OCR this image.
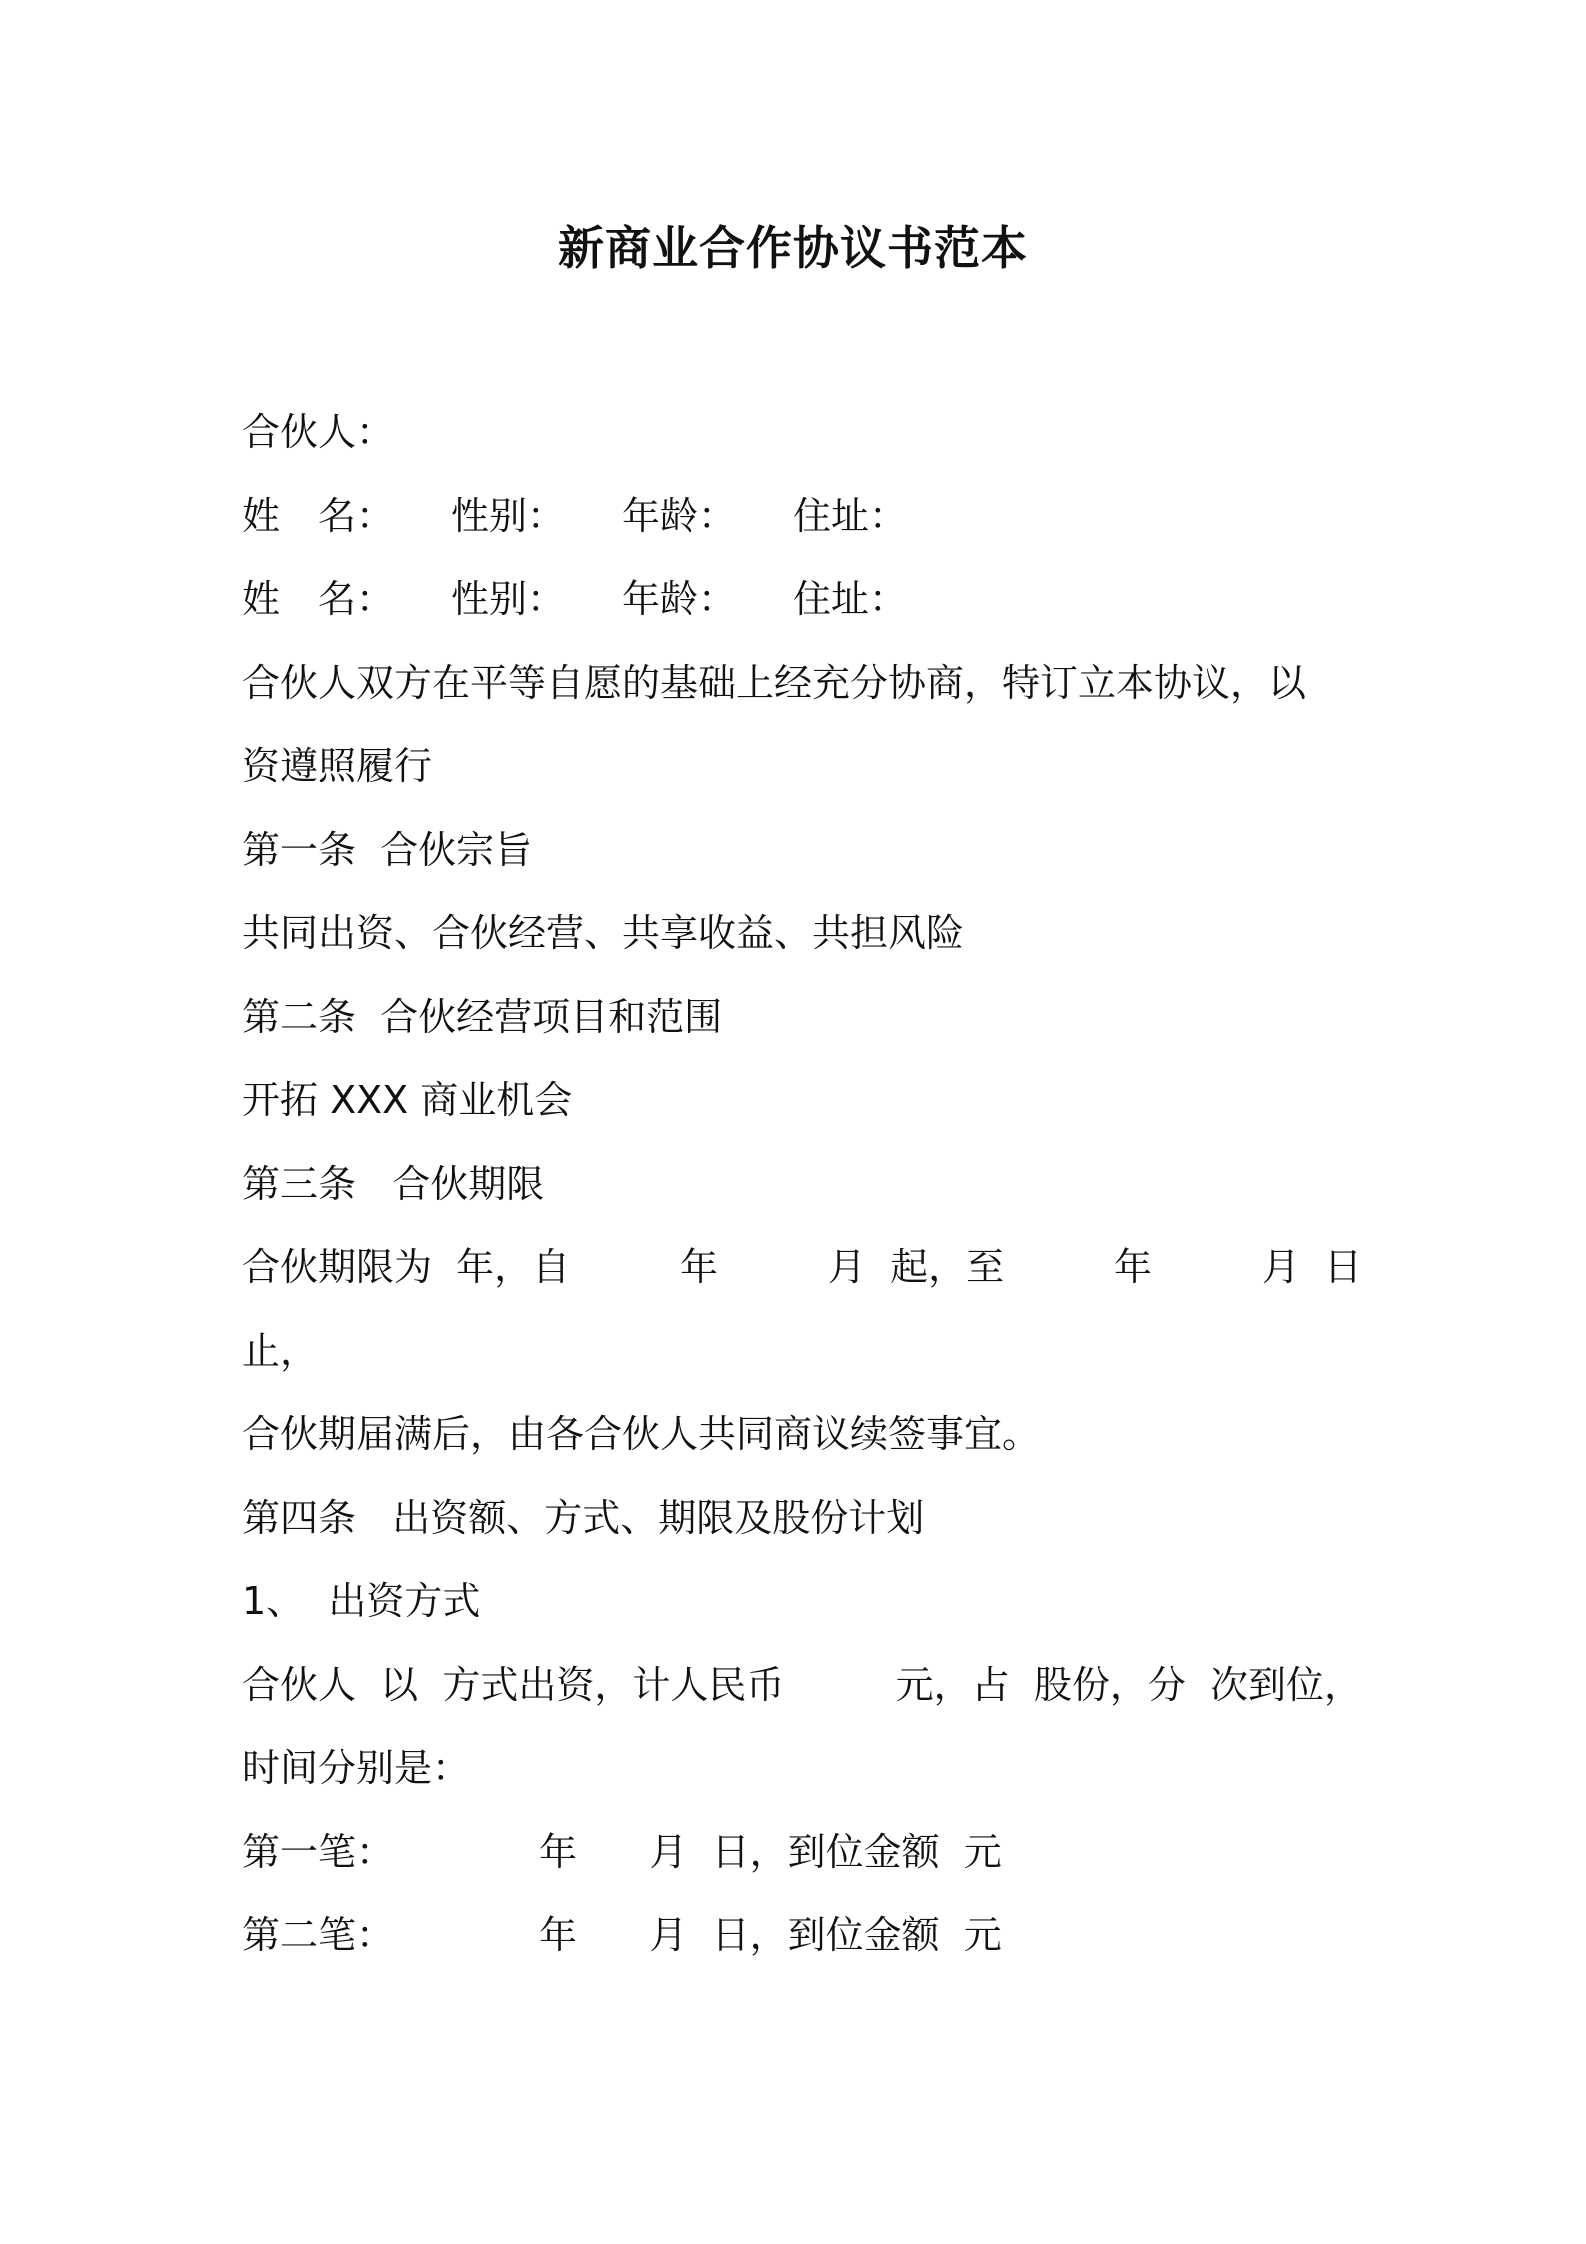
新商业合作协议书范本

合伙人：

姓　名：　　性别：　　年龄：　　住址：

姓　名：　　性别：　　年龄：　　住址：

合伙人双方在平等自愿的基础上经充分协商，特订立本协议，以

资遵照履行

第一条  合伙宗旨

共同出资、合伙经营、共享收益、共担风险

第二条  合伙经营项目和范围

开拓 XXX 商业机会

第三条   合伙期限

合伙期限为  年，自	年	月  起，至	年	月  日

止，

合伙期届满后，由各合伙人共同商议续签事宜。

第四条   出资额、方式、期限及股份计划

1、  出资方式

合伙人  以  方式出资，计人民币	元，占  股份，分  次到位，

时间分别是：

第一笔：            年      月  日，到位金额  元

第二笔：            年      月  日，到位金额  元
